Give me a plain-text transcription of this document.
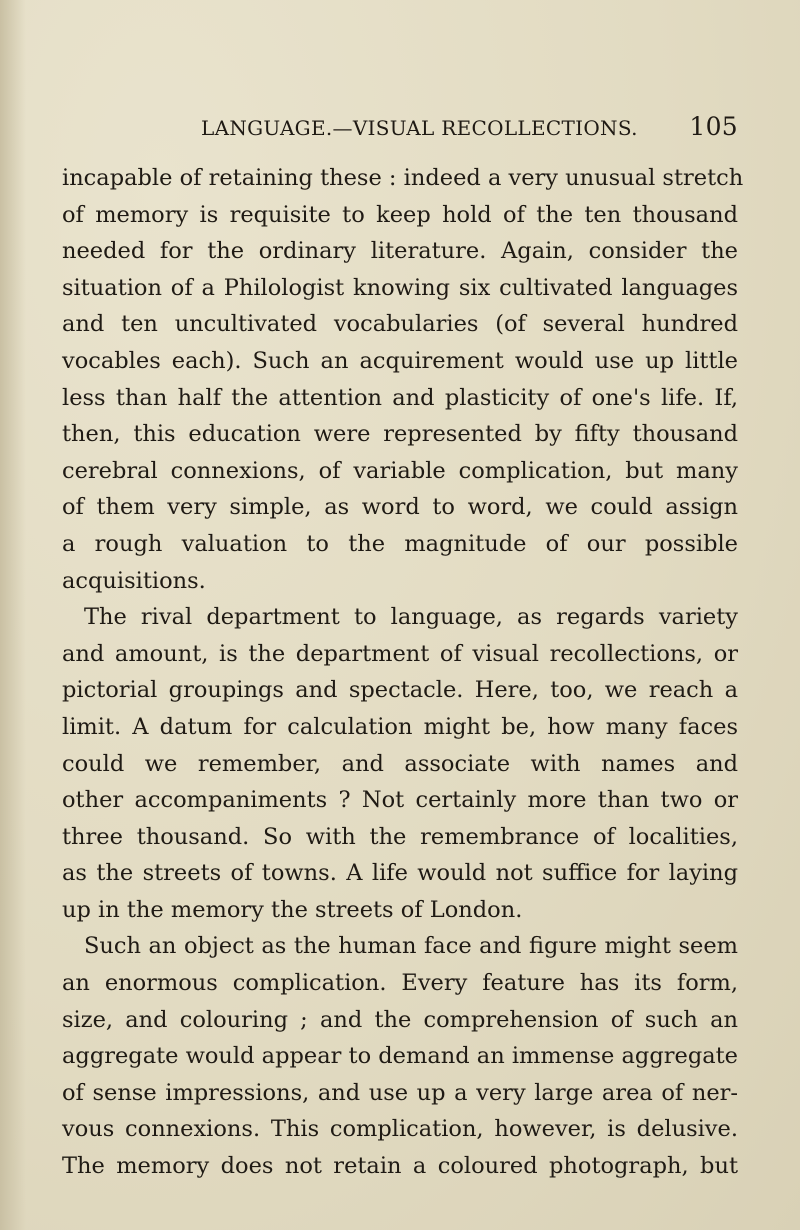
LANGUAGE.—VISUAL RECOLLECTIONS. 105
incapable of retaining these : indeed a very unusual stretch
of memory is requisite to keep hold of the ten thousand
needed for the ordinary literature. Again, consider the
situation of a Philologist knowing six cultivated languages
and ten uncultivated vocabularies (of several hundred
vocables each). Such an acquirement would use up little
less than half the attention and plasticity of one's life. If,
then, this education were represented by fifty thousand
cerebral connexions, of variable complication, but many
of them very simple, as word to word, we could assign
a rough valuation to the magnitude of our possible
acquisitions.
The rival department to language, as regards variety
and amount, is the department of visual recollections, or
pictorial groupings and spectacle. Here, too, we reach a
limit. A datum for calculation might be, how many faces
could we remember, and associate with names and
other accompaniments ? Not certainly more than two or
three thousand. So with the remembrance of localities,
as the streets of towns. A life would not suffice for laying
up in the memory the streets of London.
Such an object as the human face and figure might seem
an enormous complication. Every feature has its form,
size, and colouring ; and the comprehension of such an
aggregate would appear to demand an immense aggregate
of sense impressions, and use up a very large area of ner-
vous connexions. This complication, however, is delusive.
The memory does not retain a coloured photograph, but
